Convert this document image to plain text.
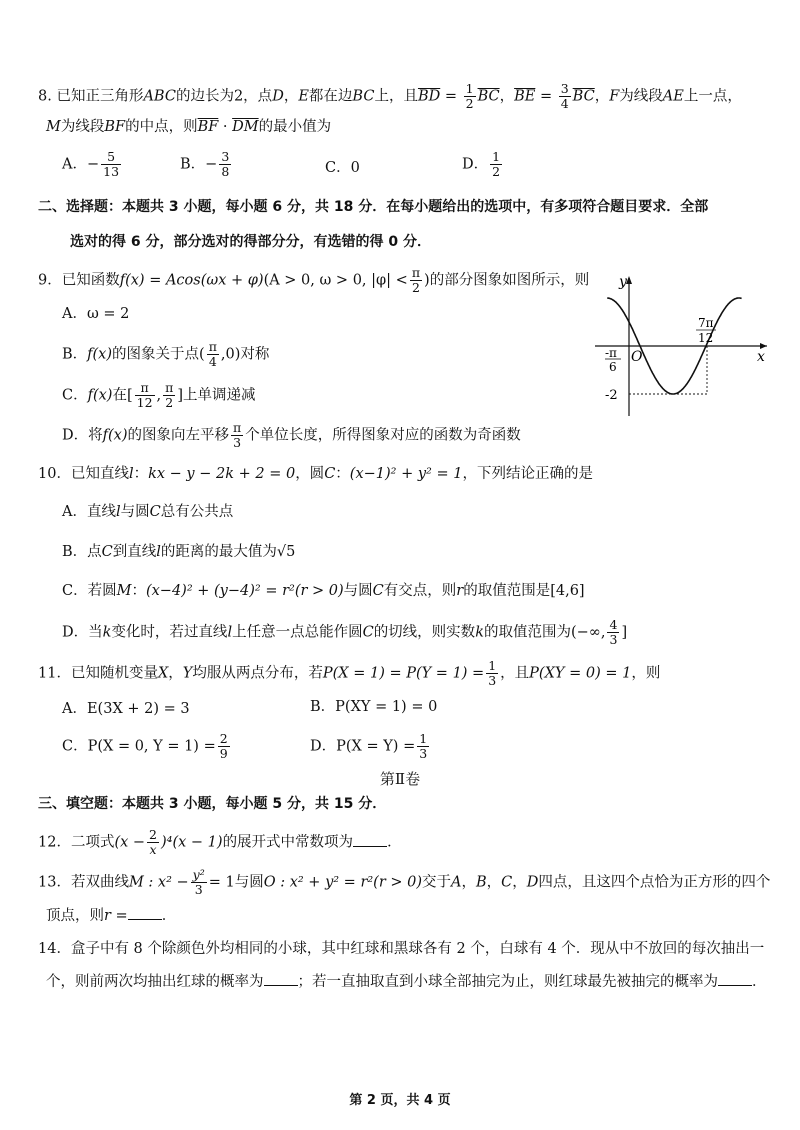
8. 已知正三角形ABC的边长为2，点D，E都在边BC上，且$\overline{BD} = \frac{1}{2} \overline{BC}$，$\overline{BE} = \frac{3}{4} \overline{BC}$，F为线段AE上一点，
M为线段BF的中点，则$\overline{BF} \cdot \overline{DM}$的最小值为
A．− $\frac{5}{13}$	B．− $\frac{3}{8}$	C．0	D． $\frac{1}{2}$
二、选择题：本题共 3 小题，每小题 6 分，共 18 分．在每小题给出的选项中，有多项符合题目要求．全部
选对的得 6 分，部分选对的得部分分，有选错的得 0 分．
9．已知函数f(x) = Acos(ωx + φ)(A > 0, ω > 0, $|\varphi| < \frac{\pi}{2}$ )的部分图象如图所示，则
A．ω = 2
B．f(x)的图象关于点( $\frac{\pi}{4} ,0$)对称
C．f(x)在[ $\frac{\pi}{12}$ , $\frac{\pi}{2}$ ]上单调递减
D．将f(x)的图象向左平移 $\frac{\pi}{3}$ 个单位长度，所得图象对应的函数为奇函数
y
x
O
-π
6
7π
12
-2
10．已知直线l：kx − y − 2k + 2 = 0，圆C：(x−1)² + y² = 1，下列结论正确的是
A．直线l与圆C总有公共点
B．点C到直线l的距离的最大值为√5
C．若圆M：(x−4)² + (y−4)² = r²(r > 0)与圆C有交点，则r的取值范围是[4,6]
D．当k变化时，若过直线l上任意一点总能作圆C的切线，则实数k的取值范围为(−∞, $\frac{4}{3}$ ]
11．已知随机变量X，Y均服从两点分布，若$P(X = 1) = P(Y = 1) = \frac{1}{3}$ ，且P(XY = 0) = 1，则
A．E(3X + 2) = 3	B．P(XY = 1) = 0
C．P(X = 0, $Y = 1) = \frac{2}{9}$	D．$P(X = Y) = \frac{1}{3}$
第Ⅱ卷
三、填空题：本题共 3 小题，每小题 5 分，共 15 分．
12．二项式$(x - \frac{2}{x} )^4(x - 1)$的展开式中常数项为 ．
13．若双曲线M : $x^2 - \frac{\text{y²}}{3} = 1$与圆O : x² + y² = r²(r > 0)交于A，B，C，D四点，且这四个点恰为正方形的四个
顶点，则r = ．
14．盒子中有 8 个除颜色外均相同的小球，其中红球和黑球各有 2 个，白球有 4 个．现从中不放回的每次抽出一
个，则前两次均抽出红球的概率为 ；若一直抽取直到小球全部抽完为止，则红球最先被抽完的概率为 ．
第 2 页，共 4 页
